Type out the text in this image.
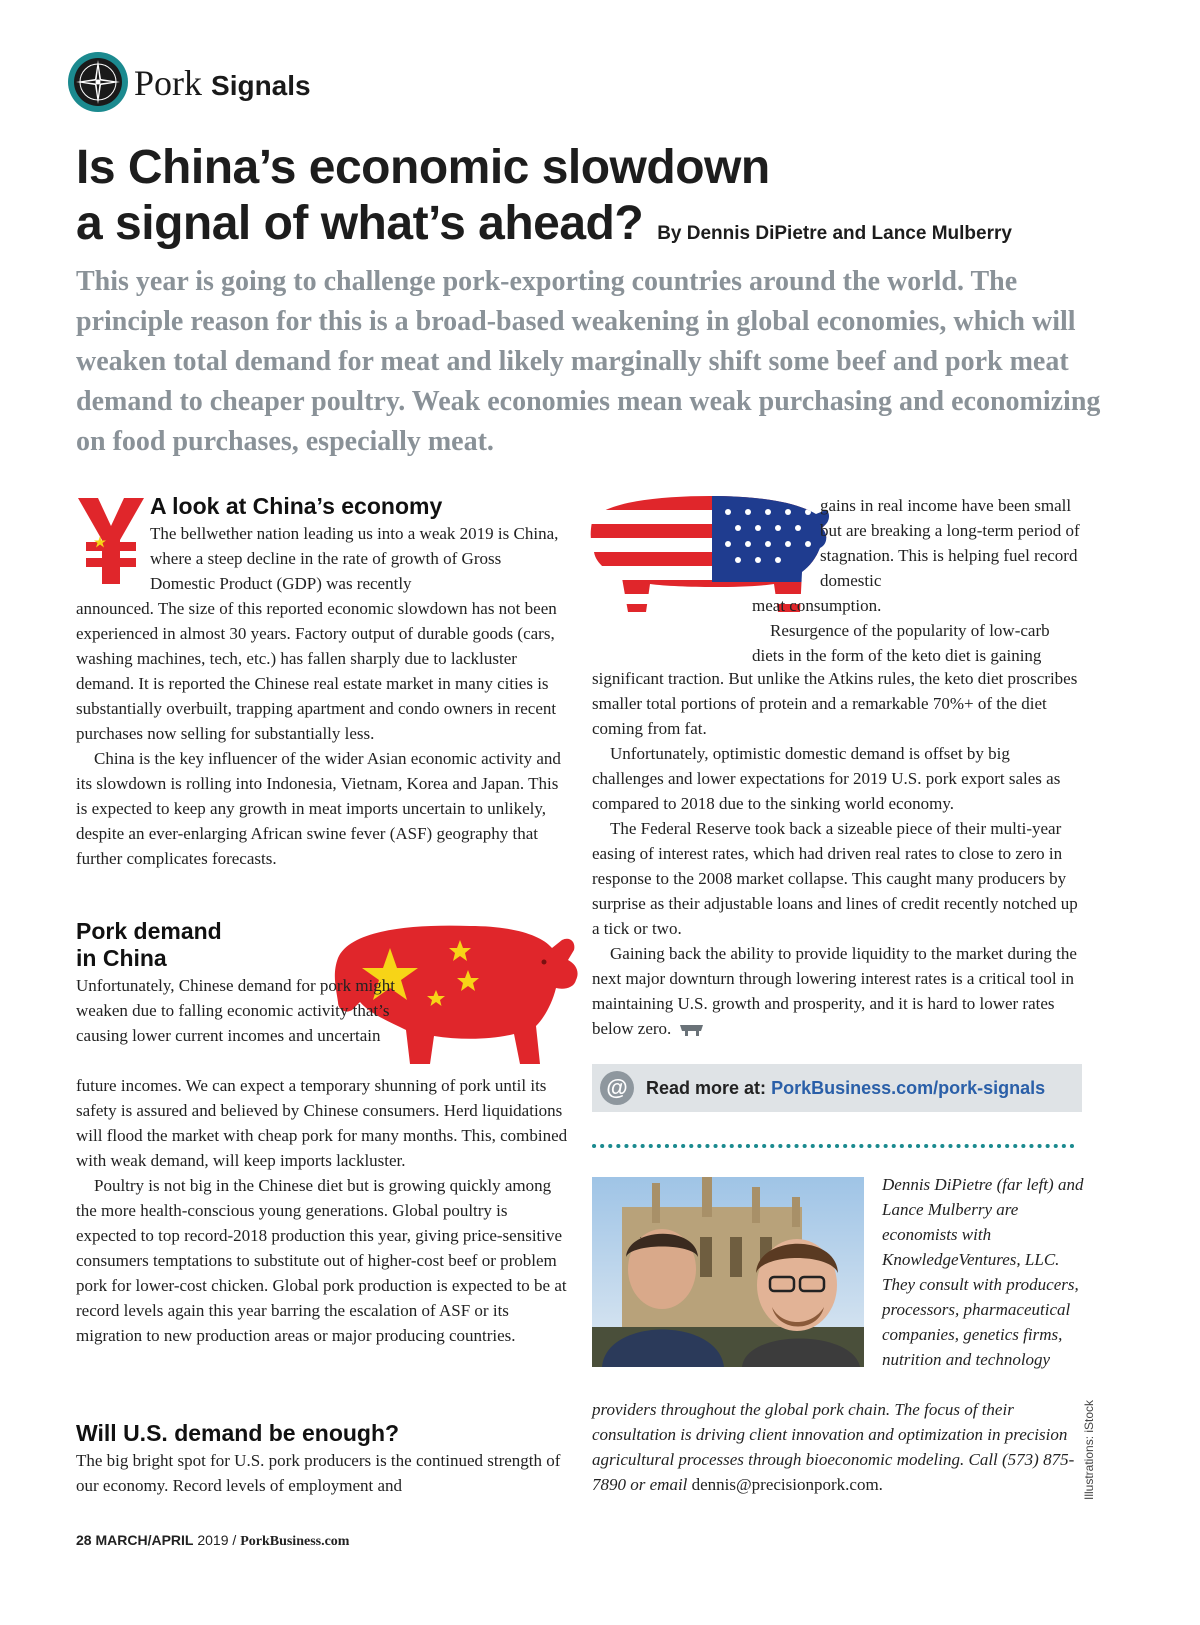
Pork Signals
Is China’s economic slowdown
a signal of what’s ahead? By Dennis DiPietre and Lance Mulberry
This year is going to challenge pork-exporting countries around the world. The principle reason for this is a broad-based weakening in global economies, which will weaken total demand for meat and likely marginally shift some beef and pork meat demand to cheaper poultry. Weak economies mean weak purchasing and economizing on food purchases, especially meat.
A look at China’s economy

The bellwether nation leading us into a weak 2019 is China, where a steep decline in the rate of growth of Gross Domestic Product (GDP) was recently

announced. The size of this reported economic slowdown has not been experienced in almost 30 years. Factory output of durable goods (cars, washing machines, tech, etc.) has fallen sharply due to lackluster demand. It is reported the Chinese real estate market in many cities is substantially overbuilt, trapping apartment and condo owners in recent purchases now selling for substantially less.

China is the key influencer of the wider Asian economic activity and its slowdown is rolling into Indonesia, Vietnam, Korea and Japan. This is expected to keep any growth in meat imports uncertain to unlikely, despite an ever-enlarging African swine fever (ASF) geography that further complicates forecasts.

Pork demand
in China

Unfortunately, Chinese demand for pork might weaken due to falling economic activity that’s causing lower current incomes and uncertain

future incomes. We can expect a temporary shunning of pork until its safety is assured and believed by Chinese consumers. Herd liquidations will flood the market with cheap pork for many months. This, combined with weak demand, will keep imports lackluster.

Poultry is not big in the Chinese diet but is growing quickly among the more health-conscious young generations. Global poultry is expected to top record-2018 production this year, giving price-sensitive consumers temptations to substitute out of higher-cost beef or problem pork for lower-cost chicken. Global pork production is expected to be at record levels again this year barring the escalation of ASF or its migration to new production areas or major producing countries.

Will U.S. demand be enough?

The big bright spot for U.S. pork producers is the continued strength of our economy. Record levels of employment and

28 MARCH/APRIL 2019 / PorkBusiness.com

gains in real income have been small but are breaking a long-term period of stagnation. This is helping fuel record domestic

meat consumption.

Resurgence of the popularity of low-carb diets in the form of the keto diet is gaining

significant traction. But unlike the Atkins rules, the keto diet proscribes smaller total portions of protein and a remarkable 70%+ of the diet coming from fat.

Unfortunately, optimistic domestic demand is offset by big challenges and lower expectations for 2019 U.S. pork export sales as compared to 2018 due to the sinking world economy.

The Federal Reserve took back a sizeable piece of their multi-year easing of interest rates, which had driven real rates to close to zero in response to the 2008 market collapse. This caught many producers by surprise as their adjustable loans and lines of credit recently notched up a tick or two.

Gaining back the ability to provide liquidity to the market during the next major downturn through lowering interest rates is a critical tool in maintaining U.S. growth and prosperity, and it is hard to lower rates below zero.

@ Read more at: PorkBusiness.com/pork-signals
Dennis DiPietre (far left) and Lance Mulberry are economists with KnowledgeVentures, LLC. They consult with producers, processors, pharmaceutical companies, genetics firms, nutrition and technology
providers throughout the global pork chain. The focus of their consultation is driving client innovation and optimization in precision agricultural processes through bioeconomic modeling. Call (573) 875-7890 or email dennis@precisionpork.com.	Illustrations: iStock
